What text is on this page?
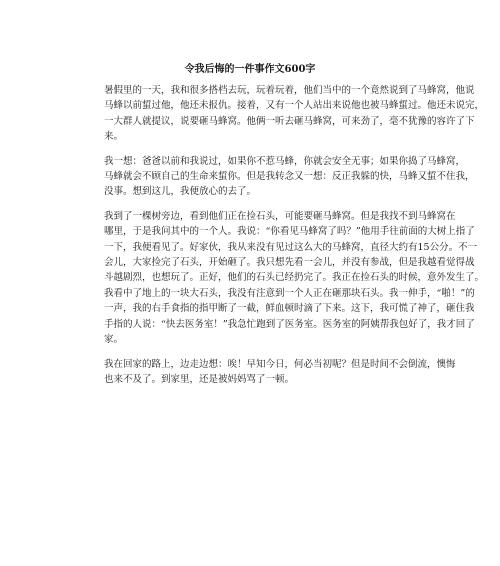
令我后悔的一件事作文600字

暑假里的一天，我和很多搭档去玩，玩着玩着，他们当中的一个竟然说到了马蜂窝，他说
马蜂以前蜇过他，他还未报仇。接着，又有一个人站出来说他也被马蜂蜇过。他还未说完，
一大群人就提议，说要砸马蜂窝。他俩一听去砸马蜂窝，可来劲了，毫不犹豫的容许了下
来。

我一想：爸爸以前和我说过，如果你不惹马蜂，你就会安全无事；如果你捣了马蜂窝，
马蜂就会不顾自己的生命来蜇你。但是我转念又一想：反正我躲的快，马蜂又蜇不住我，
没事。想到这儿，我便放心的去了。

我到了一棵树旁边，看到他们正在捡石头，可能要砸马蜂窝。但是我找不到马蜂窝在
哪里，于是我问其中的一个人。我说：“你看见马蜂窝了吗？”他用手往前面的大树上指了
一下，我便看见了。好家伙，我从来没有见过这么大的马蜂窝，直径大约有15公分。不一
会儿，大家捡完了石头，开始砸了。我只想先看一会儿，并没有参战，但是我越看觉得战
斗越剧烈，也想玩了。正好，他们的石头已经扔完了。我正在捡石头的时候，意外发生了。
我看中了地上的一块大石头，我没有注意到一个人正在砸那块石头。我一伸手，“啪！”的
一声，我的右手食指的指甲断了一截，鲜血顿时滴了下来。这下，我可慌了神了，砸住我
手指的人说：“快去医务室！”我急忙跑到了医务室。医务室的阿姨帮我包好了，我才回了
家。

我在回家的路上，边走边想：唉！早知今日，何必当初呢？但是时间不会倒流，懊悔
也来不及了。到家里，还是被妈妈骂了一顿。
